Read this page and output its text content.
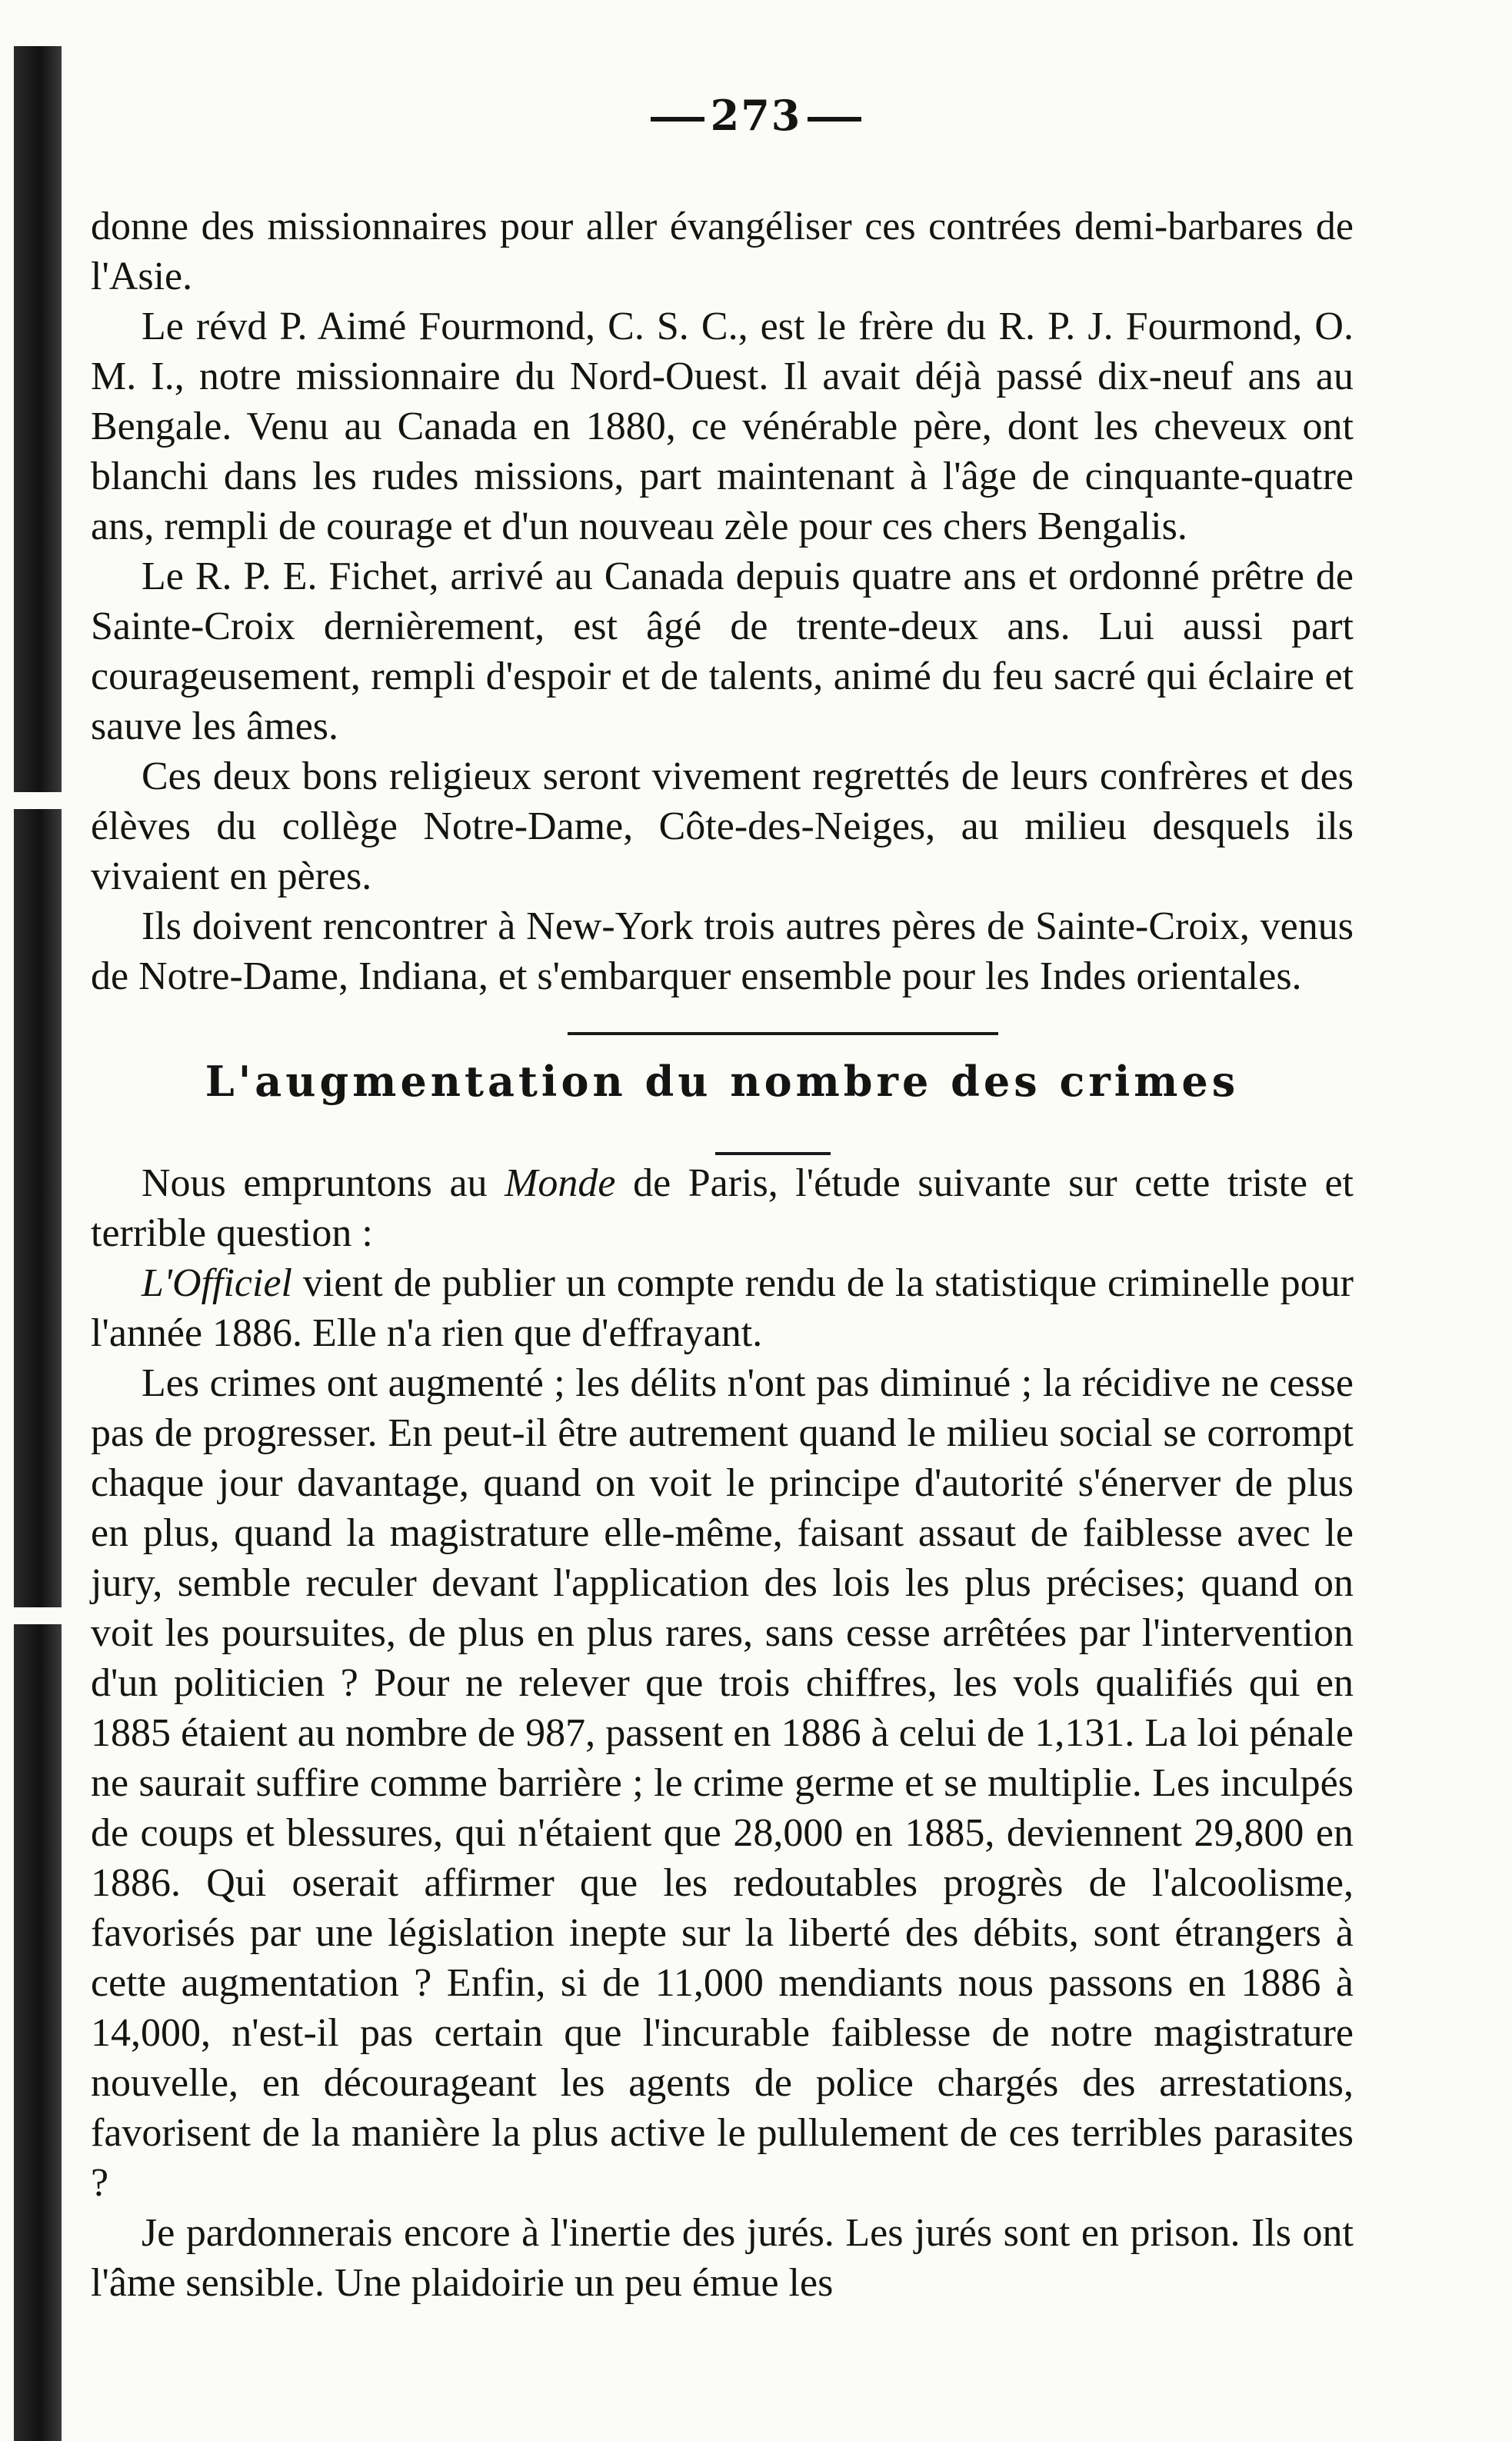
273

donne des missionnaires pour aller évangéliser ces contrées demi-barbares de l'Asie.

Le révd P. Aimé Fourmond, C. S. C., est le frère du R. P. J. Fourmond, O. M. I., notre missionnaire du Nord-Ouest. Il avait déjà passé dix-neuf ans au Bengale. Venu au Canada en 1880, ce vénérable père, dont les cheveux ont blanchi dans les rudes missions, part maintenant à l'âge de cinquante-quatre ans, rempli de courage et d'un nouveau zèle pour ces chers Bengalis.

Le R. P. E. Fichet, arrivé au Canada depuis quatre ans et ordonné prêtre de Sainte-Croix dernièrement, est âgé de trente-deux ans. Lui aussi part courageusement, rempli d'espoir et de talents, animé du feu sacré qui éclaire et sauve les âmes.

Ces deux bons religieux seront vivement regrettés de leurs confrères et des élèves du collège Notre-Dame, Côte-des-Neiges, au milieu desquels ils vivaient en pères.

Ils doivent rencontrer à New-York trois autres pères de Sainte-Croix, venus de Notre-Dame, Indiana, et s'embarquer ensemble pour les Indes orientales.

L'augmentation du nombre des crimes

Nous empruntons au Monde de Paris, l'étude suivante sur cette triste et terrible question :

L'Officiel vient de publier un compte rendu de la statistique criminelle pour l'année 1886. Elle n'a rien que d'effrayant.

Les crimes ont augmenté ; les délits n'ont pas diminué ; la récidive ne cesse pas de progresser. En peut-il être autrement quand le milieu social se corrompt chaque jour davantage, quand on voit le principe d'autorité s'énerver de plus en plus, quand la magistrature elle-même, faisant assaut de faiblesse avec le jury, semble reculer devant l'application des lois les plus précises; quand on voit les poursuites, de plus en plus rares, sans cesse arrêtées par l'intervention d'un politicien ? Pour ne relever que trois chiffres, les vols qualifiés qui en 1885 étaient au nombre de 987, passent en 1886 à celui de 1,131. La loi pénale ne saurait suffire comme barrière ; le crime germe et se multiplie. Les inculpés de coups et blessures, qui n'étaient que 28,000 en 1885, deviennent 29,800 en 1886. Qui oserait affirmer que les redoutables progrès de l'alcoolisme, favorisés par une législation inepte sur la liberté des débits, sont étrangers à cette augmentation ? Enfin, si de 11,000 mendiants nous passons en 1886 à 14,000, n'est-il pas certain que l'incurable faiblesse de notre magistrature nouvelle, en décourageant les agents de police chargés des arrestations, favorisent de la manière la plus active le pullulement de ces terribles parasites ?

Je pardonnerais encore à l'inertie des jurés. Les jurés sont en prison. Ils ont l'âme sensible. Une plaidoirie un peu émue les
